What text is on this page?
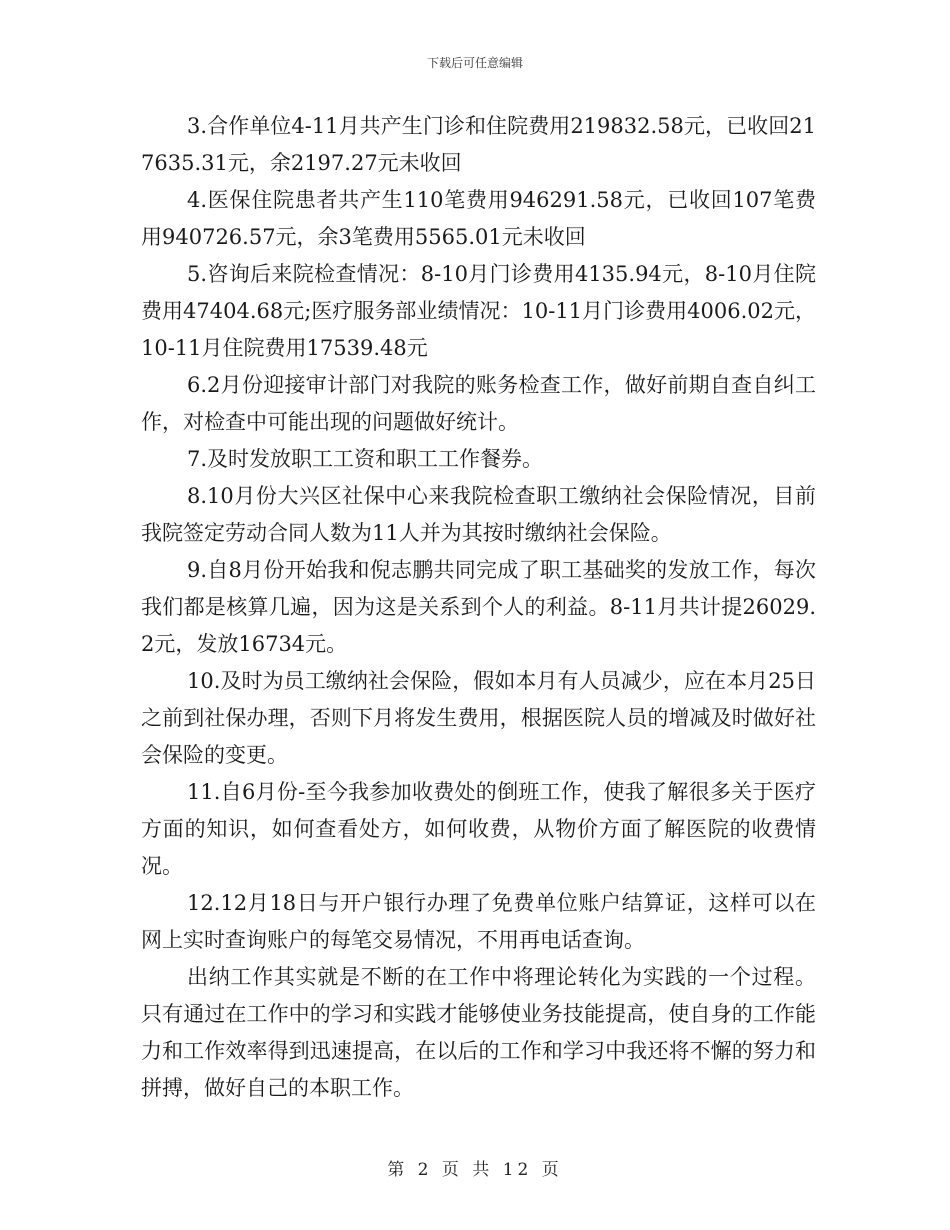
下载后可任意编辑

3.合作单位4-11月共产生门诊和住院费用219832.58元，已收回217635.31元，余2197.27元未收回

4.医保住院患者共产生110笔费用946291.58元，已收回107笔费用940726.57元，余3笔费用5565.01元未收回

5.咨询后来院检查情况：8-10月门诊费用4135.94元，8-10月住院费用47404.68元;医疗服务部业绩情况：10-11月门诊费用4006.02元，10-11月住院费用17539.48元

6.2月份迎接审计部门对我院的账务检查工作，做好前期自查自纠工作，对检查中可能出现的问题做好统计。

7.及时发放职工工资和职工工作餐券。

8.10月份大兴区社保中心来我院检查职工缴纳社会保险情况，目前我院签定劳动合同人数为11人并为其按时缴纳社会保险。

9.自8月份开始我和倪志鹏共同完成了职工基础奖的发放工作，每次我们都是核算几遍，因为这是关系到个人的利益。8-11月共计提26029.2元，发放16734元。

10.及时为员工缴纳社会保险，假如本月有人员减少，应在本月25日之前到社保办理，否则下月将发生费用，根据医院人员的增减及时做好社会保险的变更。

11.自6月份-至今我参加收费处的倒班工作，使我了解很多关于医疗方面的知识，如何查看处方，如何收费，从物价方面了解医院的收费情况。

12.12月18日与开户银行办理了免费单位账户结算证，这样可以在网上实时查询账户的每笔交易情况，不用再电话查询。

出纳工作其实就是不断的在工作中将理论转化为实践的一个过程。只有通过在工作中的学习和实践才能够使业务技能提高，使自身的工作能力和工作效率得到迅速提高，在以后的工作和学习中我还将不懈的努力和拼搏，做好自己的本职工作。

第 2 页 共 12 页
